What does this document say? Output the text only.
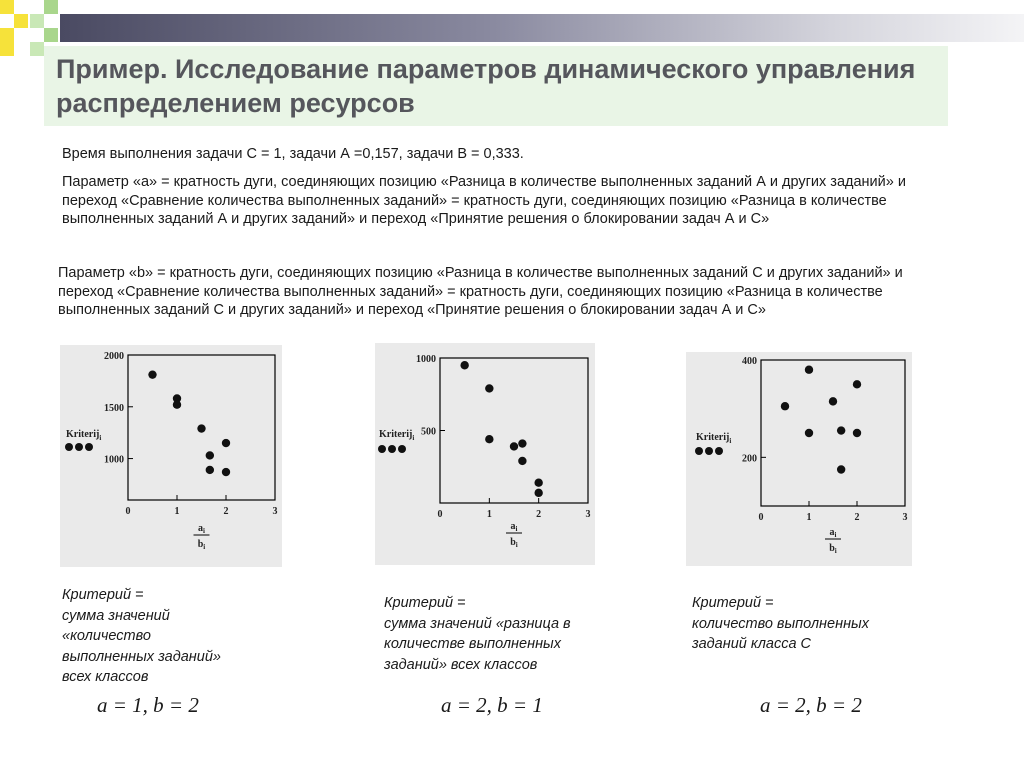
Пример. Исследование параметров динамического управления распределением ресурсов

Время выполнения задачи С = 1, задачи А =0,157, задачи В = 0,333.

Параметр «а» = кратность дуги, соединяющих позицию «Разница в количестве выполненных заданий А и других заданий» и переход «Сравнение количества выполненных заданий» = кратность дуги, соединяющих позицию «Разница в количестве выполненных заданий А и других заданий» и переход «Принятие решения о блокировании задач А и С»

Параметр «b» = кратность дуги, соединяющих позицию «Разница в количестве выполненных заданий С и других заданий» и переход «Сравнение количества выполненных заданий» = кратность дуги, соединяющих позицию «Разница в количестве выполненных заданий С и других заданий» и переход «Принятие решения о блокировании задач А и С»

0	1	2	3
1000
1500
2000
Kriterij$_i$
$a_i$
$b_i$
0	1	2	3
500
1000
Kriterij$_i$
$a_i$
$b_i$
0	1	2	3
200
400
Kriterij$_i$
$a_i$
$b_i$

Критерий =
сумма значений
«количество
выполненных заданий»
всех классов

Критерий =
сумма значений «разница в
количестве выполненных
заданий» всех классов

Критерий =
количество выполненных
заданий класса С

a = 1, b = 2	a = 2, b = 1	a = 2, b = 2
